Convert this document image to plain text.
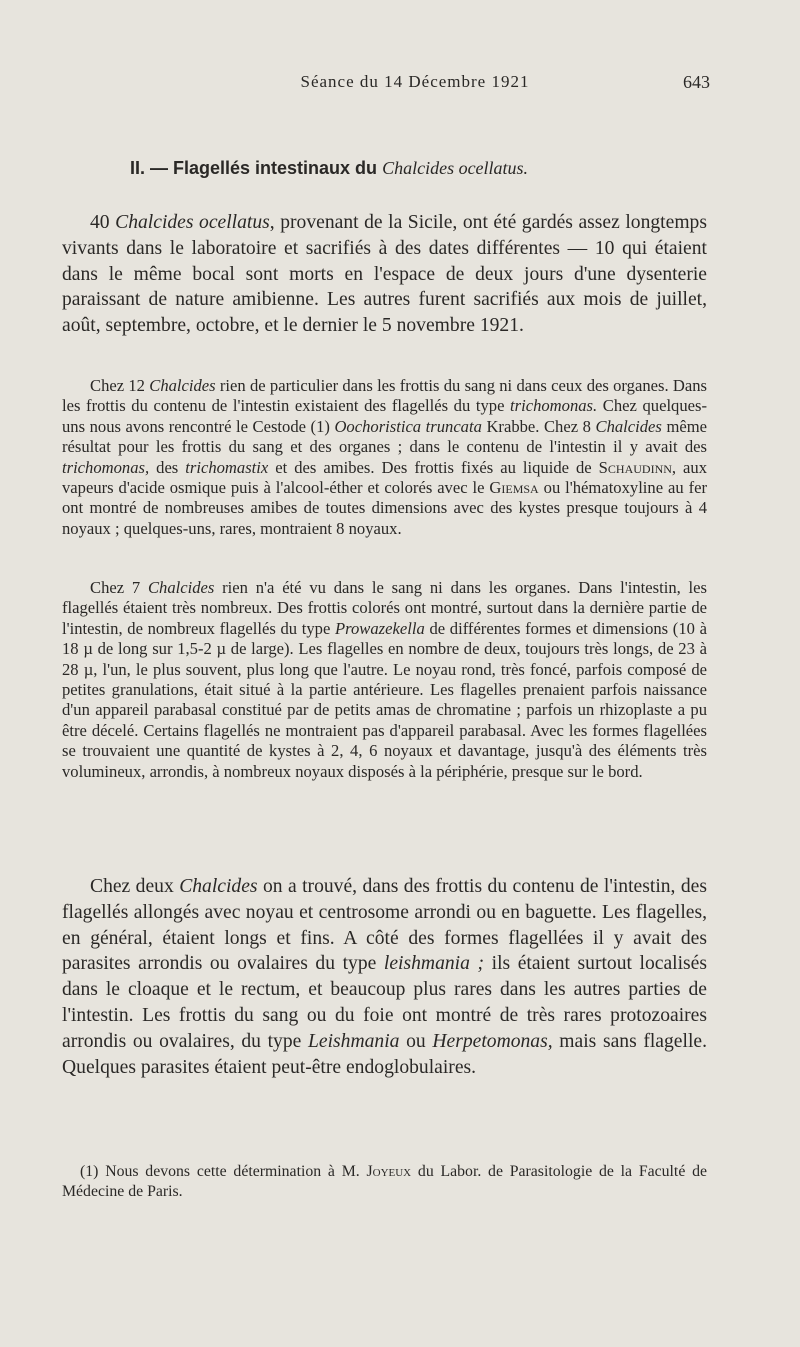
Séance du 14 Décembre 1921	643
II. — Flagellés intestinaux du Chalcides ocellatus.

40 Chalcides ocellatus, provenant de la Sicile, ont été gardés assez longtemps vivants dans le laboratoire et sacrifiés à des dates différentes — 10 qui étaient dans le même bocal sont morts en l'espace de deux jours d'une dysenterie paraissant de nature amibienne. Les autres furent sacrifiés aux mois de juillet, août, septembre, octobre, et le dernier le 5 novembre 1921.

Chez 12 Chalcides rien de particulier dans les frottis du sang ni dans ceux des organes. Dans les frottis du contenu de l'intestin existaient des flagellés du type trichomonas. Chez quelques-uns nous avons rencontré le Cestode (1) Oochoristica truncata Krabbe. Chez 8 Chalcides même résultat pour les frottis du sang et des organes ; dans le contenu de l'intestin il y avait des trichomonas, des trichomastix et des amibes. Des frottis fixés au liquide de Schaudinn, aux vapeurs d'acide osmique puis à l'alcool-éther et colorés avec le Giemsa ou l'hématoxyline au fer ont montré de nombreuses amibes de toutes dimensions avec des kystes presque toujours à 4 noyaux ; quelques-uns, rares, montraient 8 noyaux.

Chez 7 Chalcides rien n'a été vu dans le sang ni dans les organes. Dans l'intestin, les flagellés étaient très nombreux. Des frottis colorés ont montré, surtout dans la dernière partie de l'intestin, de nombreux flagellés du type Prowazekella de différentes formes et dimensions (10 à 18 µ de long sur 1,5-2 µ de large). Les flagelles en nombre de deux, toujours très longs, de 23 à 28 µ, l'un, le plus souvent, plus long que l'autre. Le noyau rond, très foncé, parfois composé de petites granulations, était situé à la partie antérieure. Les flagelles prenaient parfois naissance d'un appareil parabasal constitué par de petits amas de chromatine ; parfois un rhizoplaste a pu être décelé. Certains flagellés ne montraient pas d'appareil parabasal. Avec les formes flagellées se trouvaient une quantité de kystes à 2, 4, 6 noyaux et davantage, jusqu'à des éléments très volumineux, arrondis, à nombreux noyaux disposés à la périphérie, presque sur le bord.

Chez deux Chalcides on a trouvé, dans des frottis du contenu de l'intestin, des flagellés allongés avec noyau et centrosome arrondi ou en baguette. Les flagelles, en général, étaient longs et fins. A côté des formes flagellées il y avait des parasites arrondis ou ovalaires du type leishmania ; ils étaient surtout localisés dans le cloaque et le rectum, et beaucoup plus rares dans les autres parties de l'intestin. Les frottis du sang ou du foie ont montré de très rares protozoaires arrondis ou ovalaires, du type Leishmania ou Herpetomonas, mais sans flagelle. Quelques parasites étaient peut-être endoglobulaires.

(1) Nous devons cette détermination à M. Joyeux du Labor. de Parasitologie de la Faculté de Médecine de Paris.
